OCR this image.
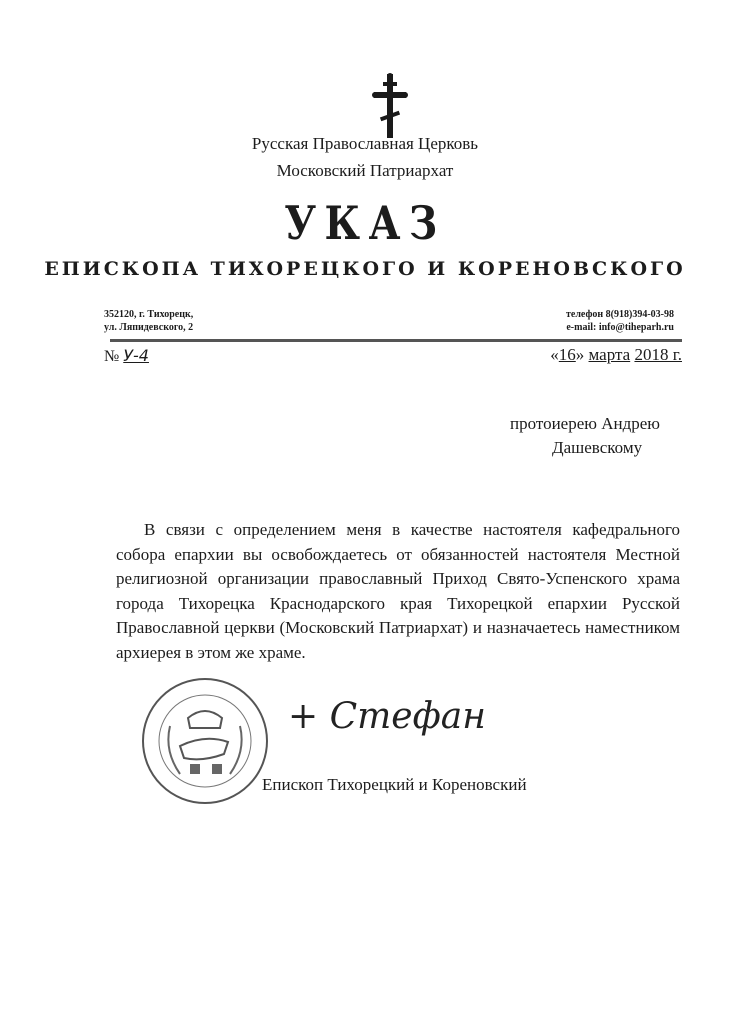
Русская Православная Церковь
Московский Патриархат
УКАЗ
ЕПИСКОПА ТИХОРЕЦКОГО И КОРЕНОВСКОГО
352120, г. Тихорецк,
ул. Ляпидевского, 2
телефон 8(918)394-03-98
e-mail: info@tiheparh.ru
№ У-4	«16» марта 2018 г.
протоиерею Андрею
Дашевскому
В связи с определением меня в качестве настоятеля кафедрального собора епархии вы освобождаетесь от обязанностей настоятеля Местной религиозной организации православный Приход Свято-Успенского храма города Тихорецка Краснодарского края Тихорецкой епархии Русской Православной церкви (Московский Патриархат) и назначаетесь наместником архиерея в этом же храме.
+ Стефан
Епископ Тихорецкий и Кореновский
